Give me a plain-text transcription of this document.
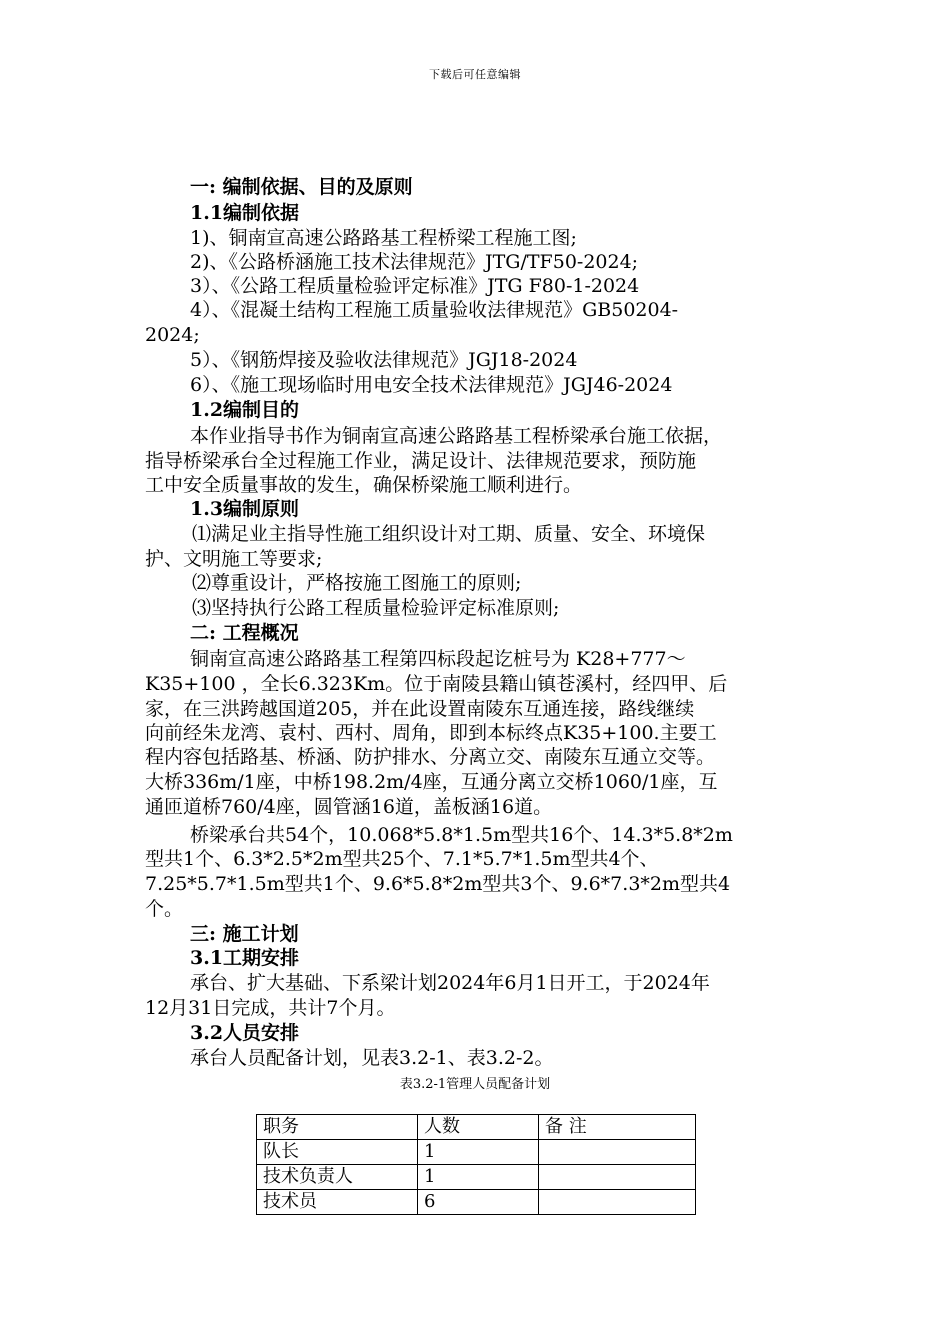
下载后可任意编辑
一: 编制依据、目的及原则
1.1编制依据
1)、铜南宣高速公路路基工程桥梁工程施工图;
2)、《公路桥涵施工技术法律规范》JTG/TF50-2024;
3）、《公路工程质量检验评定标准》JTG F80-1-2024
4）、《混凝土结构工程施工质量验收法律规范》GB50204-
2024;
5）、《钢筋焊接及验收法律规范》JGJ18-2024
6）、《施工现场临时用电安全技术法律规范》JGJ46-2024
1.2编制目的
本作业指导书作为铜南宣高速公路路基工程桥梁承台施工依据，
指导桥梁承台全过程施工作业，满足设计、法律规范要求，预防施
工中安全质量事故的发生，确保桥梁施工顺利进行。
1.3编制原则
⑴满足业主指导性施工组织设计对工期、质量、安全、环境保
护、文明施工等要求;
⑵尊重设计，严格按施工图施工的原则;
⑶坚持执行公路工程质量检验评定标准原则;
二: 工程概况
铜南宣高速公路路基工程第四标段起讫桩号为 K28+777～
K35+100 ，全长6.323Km。位于南陵县籍山镇苍溪村，经四甲、后
家，在三洪跨越国道205，并在此设置南陵东互通连接，路线继续
向前经朱龙湾、袁村、西村、周角，即到本标终点K35+100.主要工
程内容包括路基、桥涵、防护排水、分离立交、南陵东互通立交等。
大桥336m/1座，中桥198.2m/4座，互通分离立交桥1060/1座，互
通匝道桥760/4座，圆管涵16道，盖板涵16道。
桥梁承台共54个，10.068*5.8*1.5m型共16个、14.3*5.8*2m
型共1个、6.3*2.5*2m型共25个、7.1*5.7*1.5m型共4个、
7.25*5.7*1.5m型共1个、9.6*5.8*2m型共3个、9.6*7.3*2m型共4
个。
三: 施工计划
3.1工期安排
承台、扩大基础、下系梁计划2024年6月1日开工，于2024年
12月31日完成，共计7个月。
3.2人员安排
承台人员配备计划，见表3.2-1、表3.2-2。
表3.2-1管理人员配备计划
职务	人数	备 注
队长	1	
技术负责人	1	
技术员	6	
